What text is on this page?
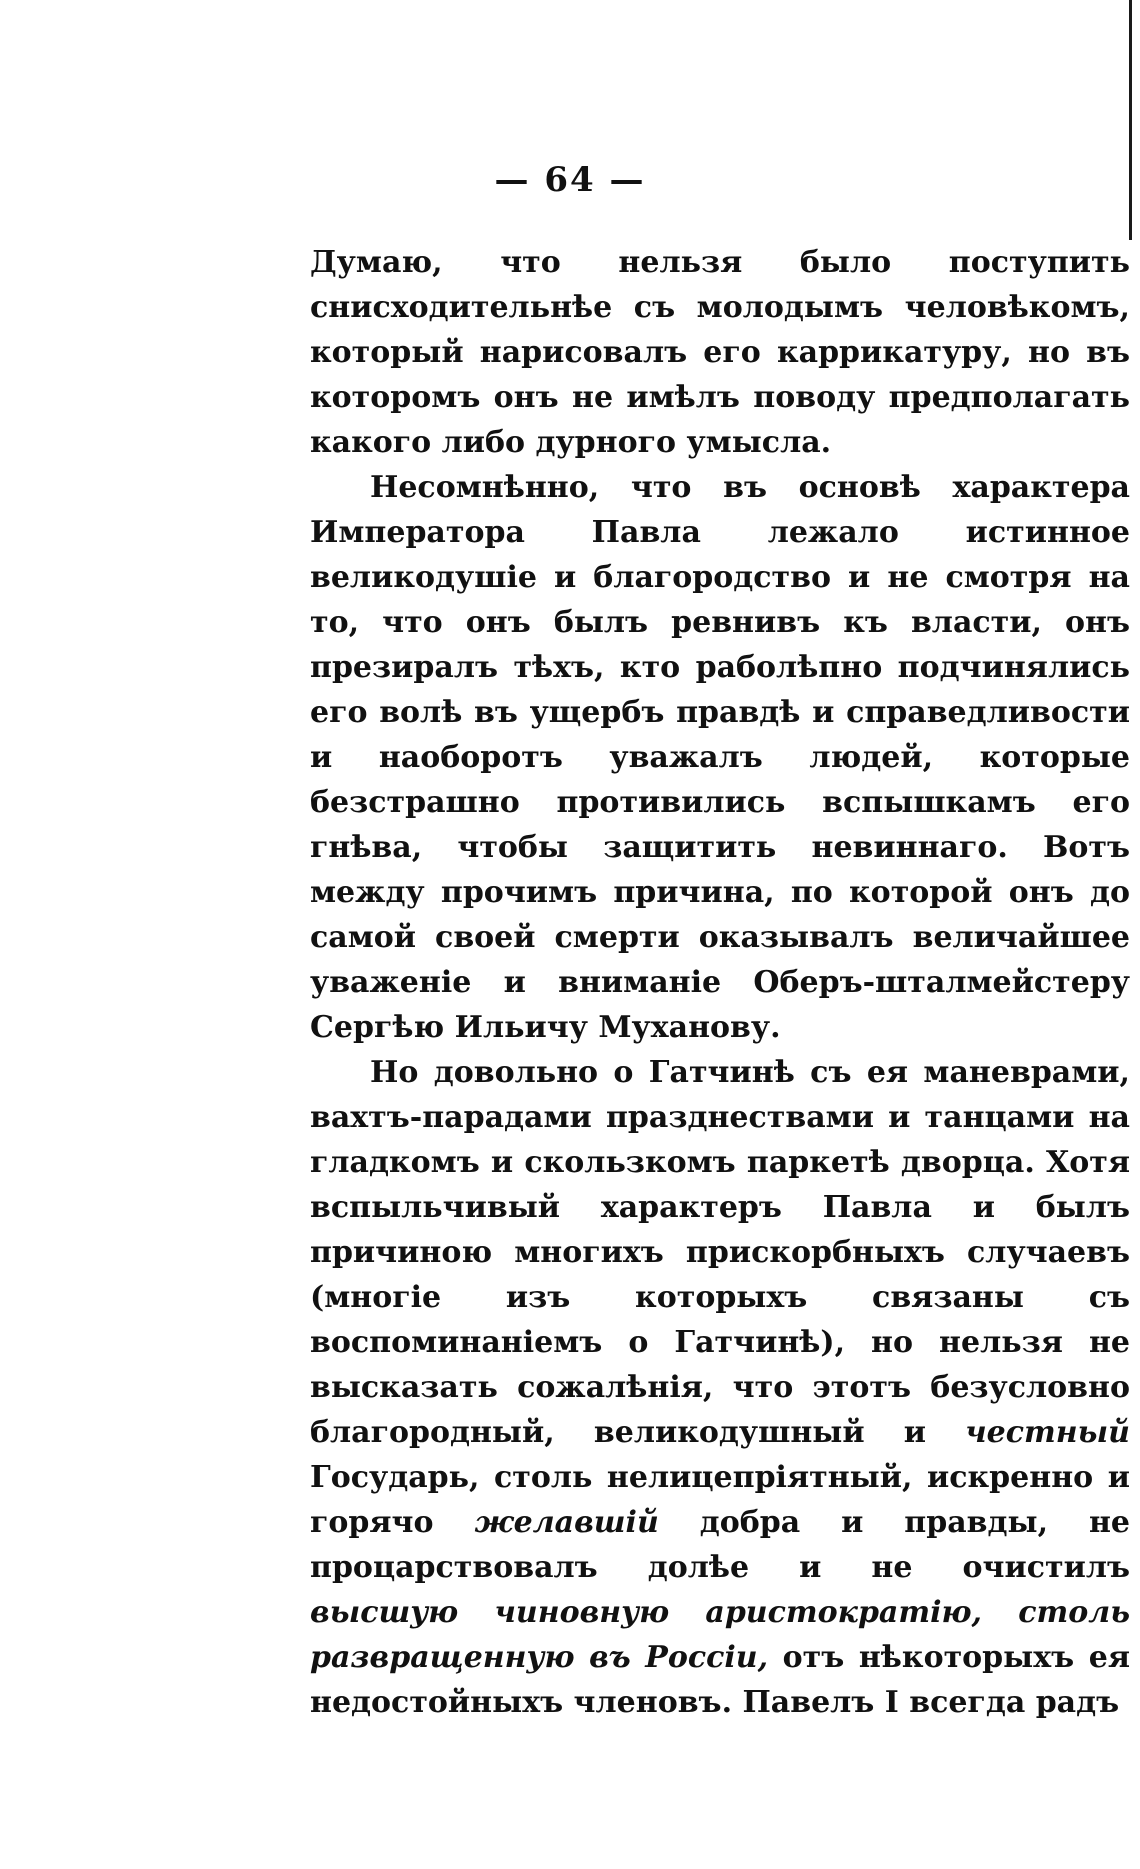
— 64 —

Думаю, что нельзя было поступить снисходительнѣе съ молодымъ человѣкомъ, который нарисовалъ его каррикатуру, но въ которомъ онъ не имѣлъ поводу предполагать какого либо дурного умысла.

Несомнѣнно, что въ основѣ характера Императора Павла лежало истинное великодушіе и благородство и не смотря на то, что онъ былъ ревнивъ къ власти, онъ презиралъ тѣхъ, кто раболѣпно подчинялись его волѣ въ ущербъ правдѣ и справедливости и наоборотъ уважалъ людей, которые безстрашно противились вспышкамъ его гнѣва, чтобы защитить невиннаго. Вотъ между прочимъ причина, по которой онъ до самой своей смерти оказывалъ величайшее уваженіе и вниманіе Оберъ-шталмейстеру Сергѣю Ильичу Муханову.

Но довольно о Гатчинѣ съ ея маневрами, вахтъ-парадами празднествами и танцами на гладкомъ и скользкомъ паркетѣ дворца. Хотя вспыльчивый характеръ Павла и былъ причиною многихъ прискорбныхъ случаевъ (многіе изъ которыхъ связаны съ воспоминаніемъ о Гатчинѣ), но нельзя не высказать сожалѣнія, что этотъ безусловно благородный, великодушный и честный Государь, столь нелицепріятный, искренно и горячо желавшій добра и правды, не процарствовалъ долѣе и не очистилъ высшую чиновную аристократію, столь развращенную въ Россіи, отъ нѣкоторыхъ ея недостойныхъ членовъ. Павелъ I всегда радъ
